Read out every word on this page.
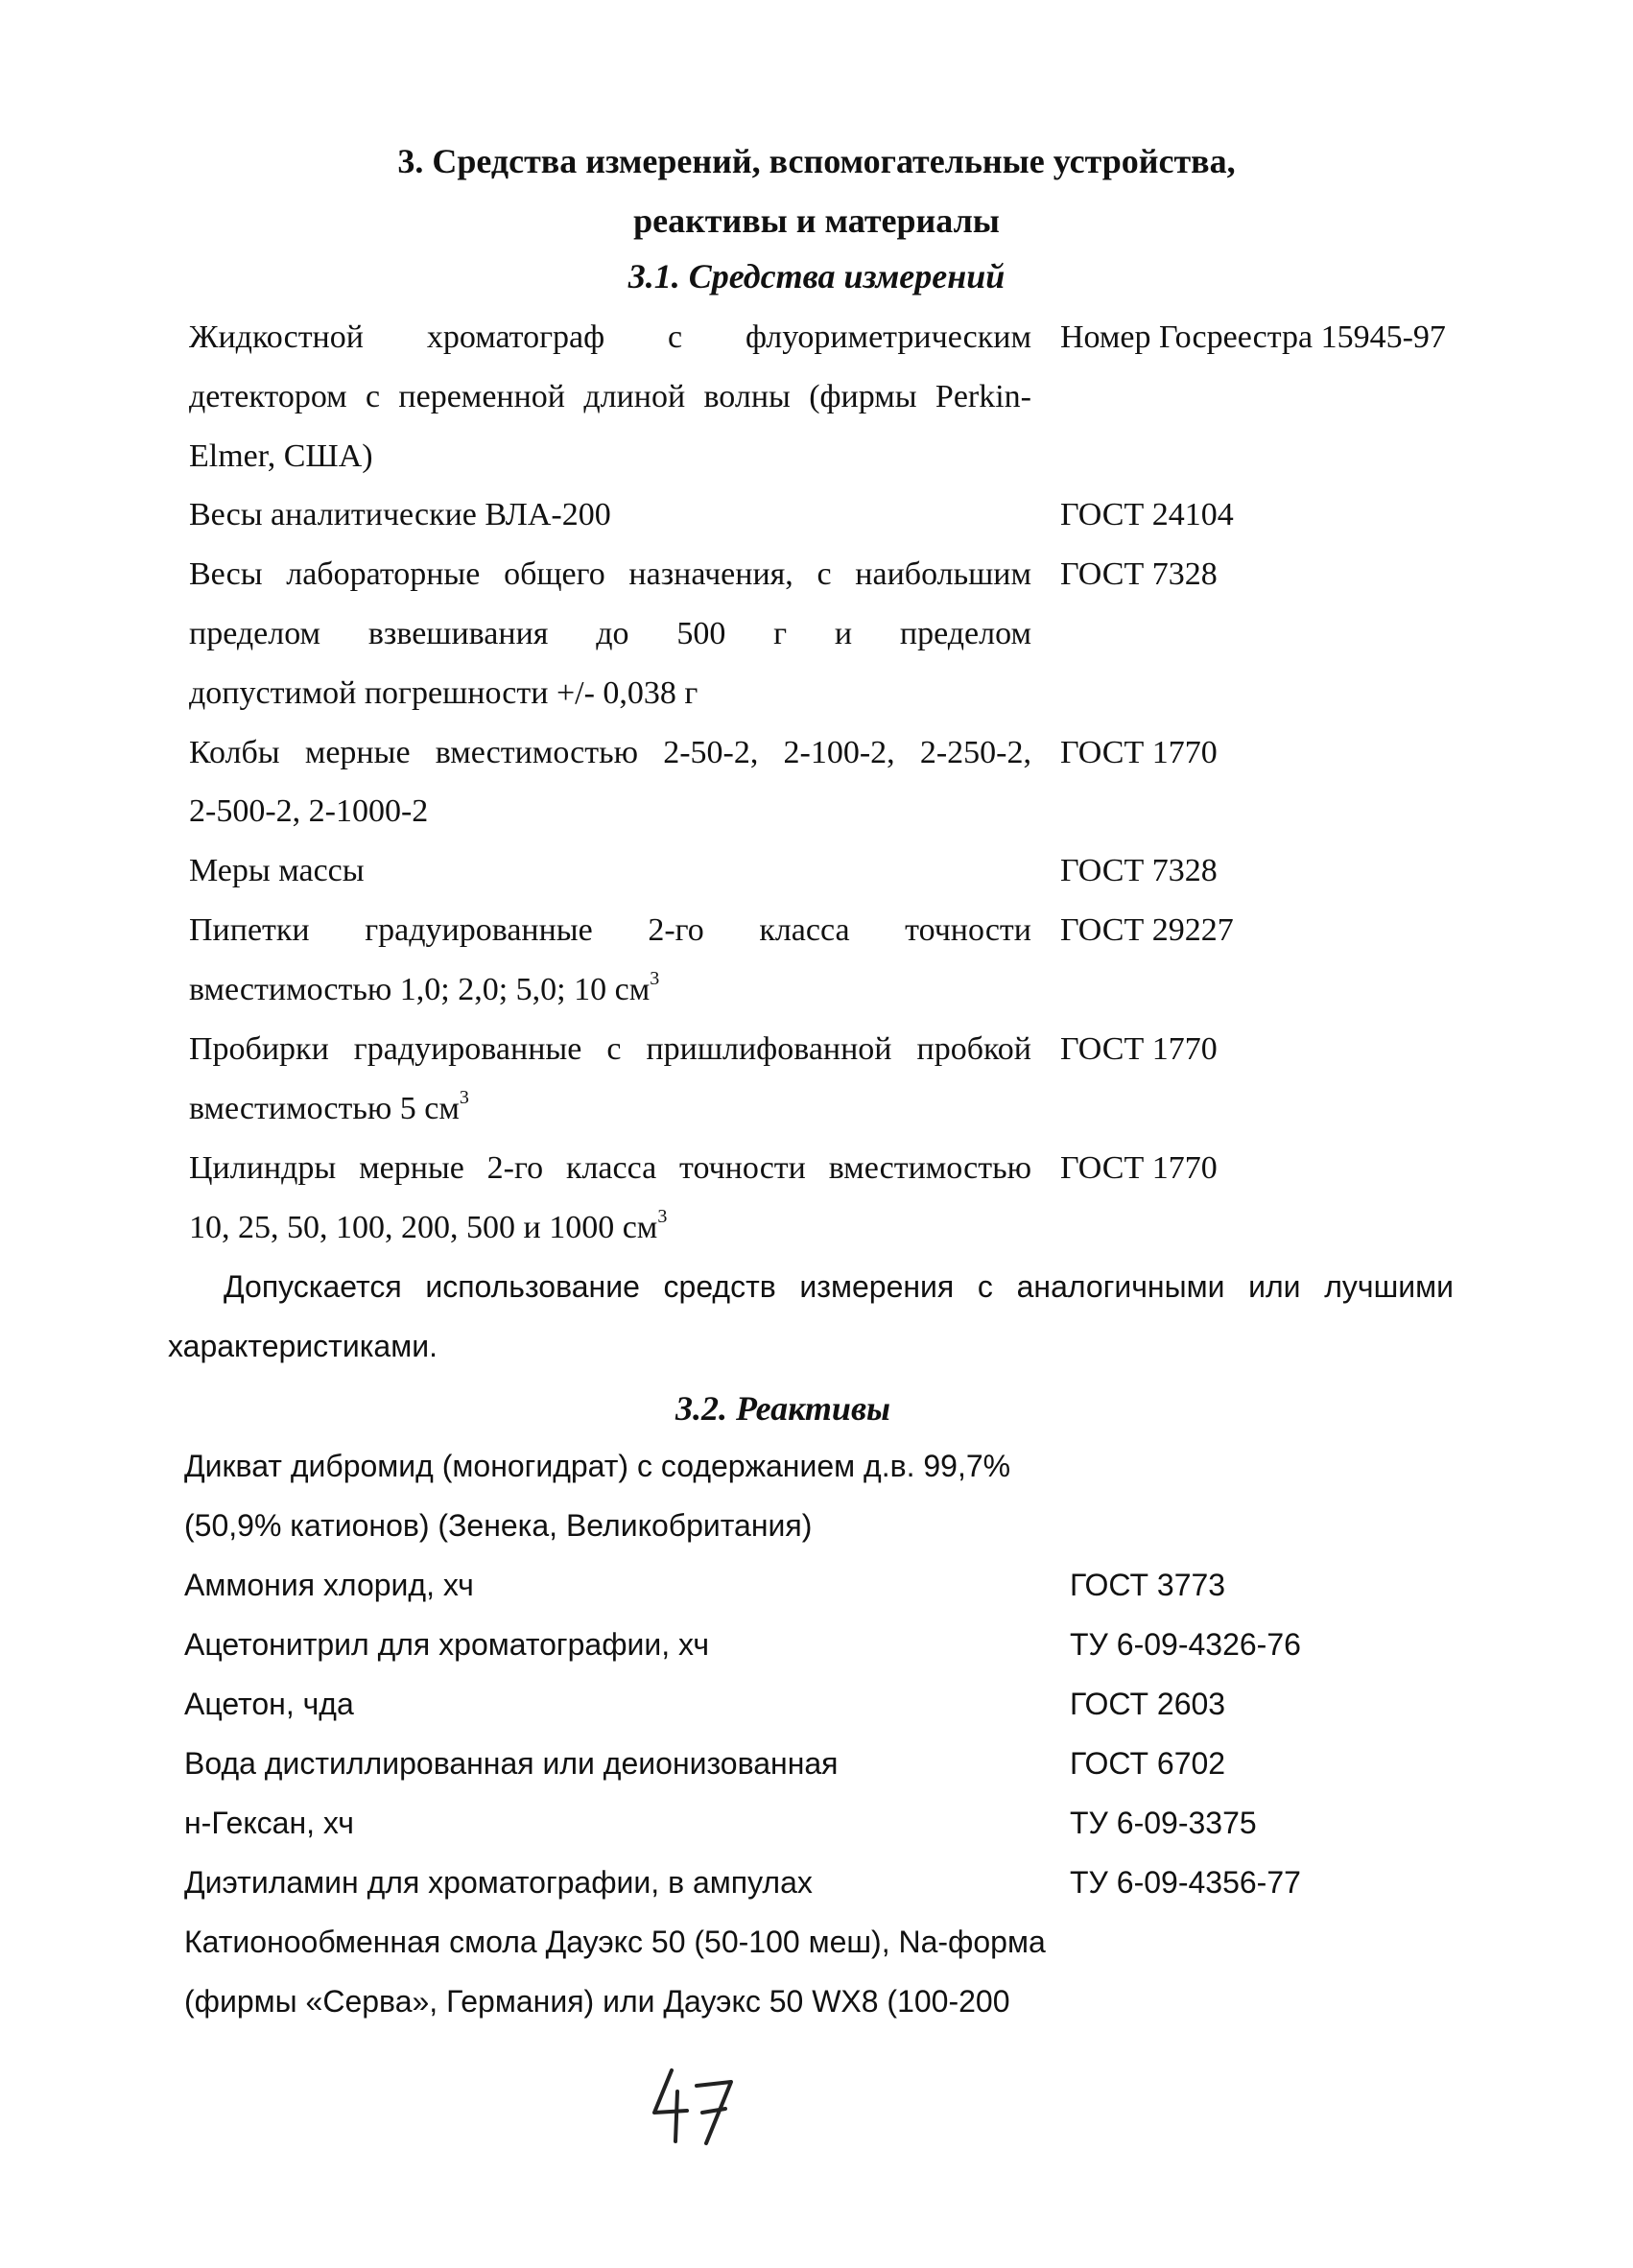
3. Средства измерений, вспомогательные устройства,
реактивы и материалы
3.1. Средства измерений
Жидкостной хроматограф с флуориметрическим Номер Госреестра 15945-97
детектором с переменной длиной волны (фирмы Perkin-
Elmer, США)
Весы аналитические ВЛА-200	ГОСТ 24104
Весы лабораторные общего назначения, с наибольшим ГОСТ 7328
пределом взвешивания до 500 г и пределом
допустимой погрешности +/- 0,038 г
Колбы мерные вместимостью 2-50-2, 2-100-2, 2-250-2, ГОСТ 1770
2-500-2, 2-1000-2
Меры массы	ГОСТ 7328
Пипетки градуированные 2-го класса точности ГОСТ 29227
вместимостью 1,0; 2,0; 5,0; 10 $см^3$
Пробирки градуированные с пришлифованной пробкой ГОСТ 1770
вместимостью 5 $см^3$
Цилиндры мерные 2-го класса точности вместимостью ГОСТ 1770
10, 25, 50, 100, 200, 500 и 1000 $см^3$
Допускается использование средств измерения с аналогичными или лучшими
характеристиками.
3.2. Реактивы
Дикват дибромид (моногидрат) с содержанием д.в. 99,7%
(50,9% катионов) (Зенека, Великобритания)
Аммония хлорид, хч	ГОСТ 3773
Ацетонитрил для хроматографии, хч	ТУ 6-09-4326-76
Ацетон, чда	ГОСТ 2603
Вода дистиллированная или деионизованная	ГОСТ 6702
н-Гексан, хч	ТУ 6-09-3375
Диэтиламин для хроматографии, в ампулах	ТУ 6-09-4356-77
Катионообменная смола Дауэкс 50 (50-100 меш), Na-форма
(фирмы «Серва», Германия) или Дауэкс 50 WX8 (100-200
